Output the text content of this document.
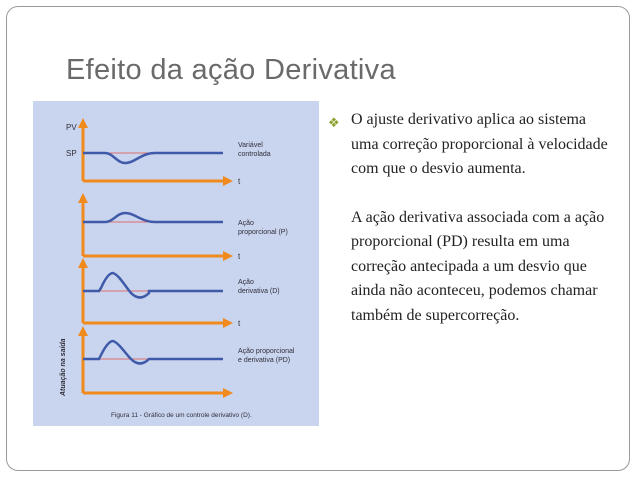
Efeito da ação Derivativa
PV
SP
t
Variável
controlada
t
Ação
proporcional (P)
t
Ação
derivativa (D)
Ação proporcional
e derivativa (PD)
Atuação na saída
Figura 11 - Gráfico de um controle derivativo (D).
❖ O ajuste derivativo aplica ao sistema uma correção proporcional à velocidade com que o desvio aumenta.

A ação derivativa associada com a ação proporcional (PD) resulta em uma correção antecipada a um desvio que ainda não aconteceu, podemos chamar também de supercorreção.
